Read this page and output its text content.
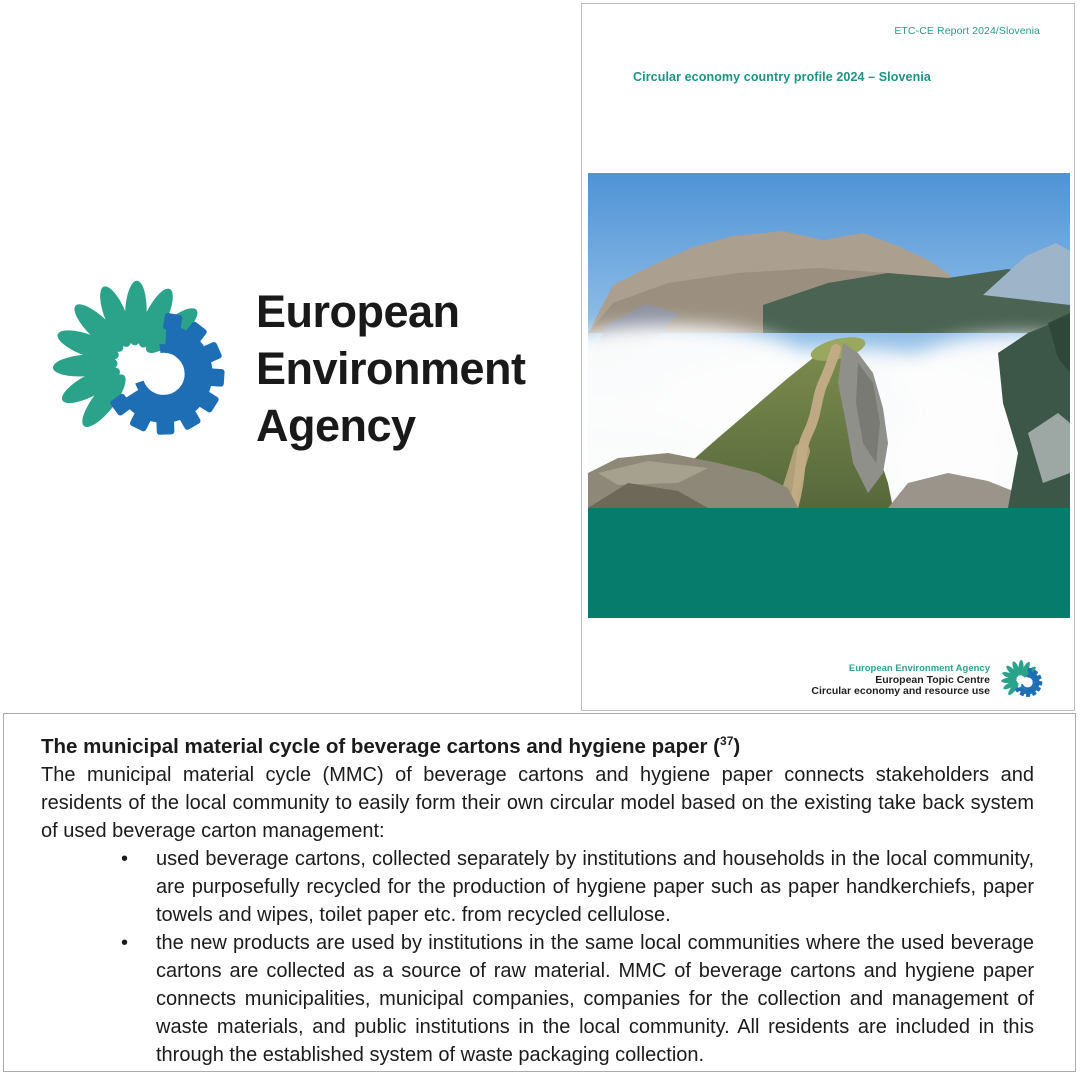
European Environment Agency
ETC-CE Report 2024/Slovenia
Circular economy country profile 2024 – Slovenia
European Environment Agency
European Topic Centre
Circular economy and resource use
The municipal material cycle of beverage cartons and hygiene paper ($^{37}$)

The municipal material cycle (MMC) of beverage cartons and hygiene paper connects stakeholders and residents of the local community to easily form their own circular model based on the existing take back system of used beverage carton management:

• used beverage cartons, collected separately by institutions and households in the local community, are purposefully recycled for the production of hygiene paper such as paper handkerchiefs, paper towels and wipes, toilet paper etc. from recycled cellulose.
• the new products are used by institutions in the same local communities where the used beverage cartons are collected as a source of raw material. MMC of beverage cartons and hygiene paper connects municipalities, municipal companies, companies for the collection and management of waste materials, and public institutions in the local community. All residents are included in this through the established system of waste packaging collection.
